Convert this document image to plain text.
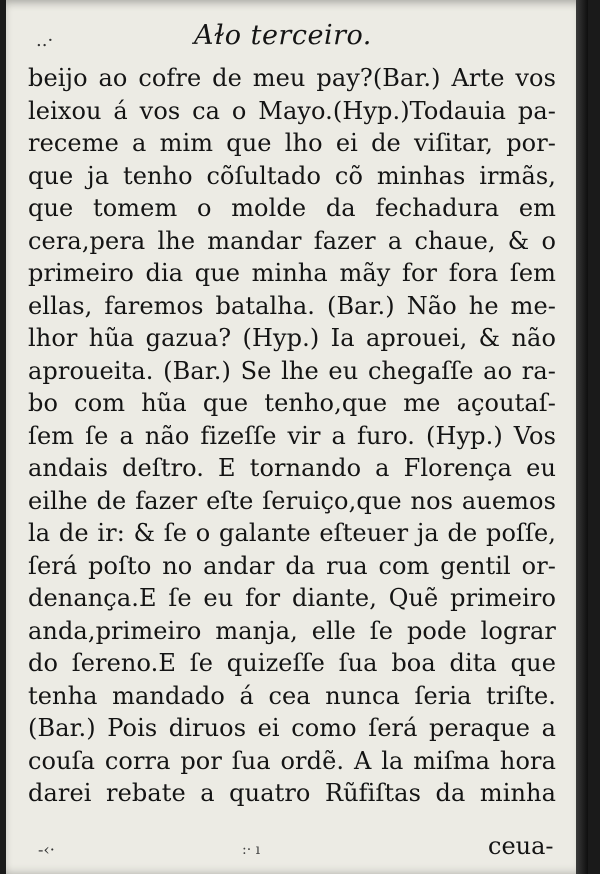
..·	Aɫo terceiro.
beijo ao cofre de meu pay?(Bar.) Arte vos
leixou á vos ca o Mayo.(Hyp.)Todauia pa-
receme a mim que lho ei de viſitar, por-
que ja tenho cõſultado cõ minhas irmãs,
que tomem o molde da fechadura em
cera,pera lhe mandar fazer a chaue, & o
primeiro dia que minha mãy for fora ſem
ellas, faremos batalha. (Bar.) Não he me-
lhor hũa gazua? (Hyp.) Ia aprouei, & não
aproueita. (Bar.) Se lhe eu chegaſſe ao ra-
bo com hũa que tenho,que me açoutaſ-
ſem ſe a não fizeſſe vir a furo. (Hyp.) Vos
andais deſtro. E tornando a Florença eu
eilhe de fazer eſte ſeruiço,que nos auemos
la de ir: & ſe o galante eſteuer ja de poſſe,
ſerá poſto no andar da rua com gentil or-
denança.E ſe eu for diante, Quẽ primeiro
anda,primeiro manja, elle ſe pode lograr
do ſereno.E ſe quizeſſe ſua boa dita que
tenha mandado á cea nunca ſeria triſte.
(Bar.) Pois diruos ei como ſerá peraque a
couſa corra por ſua ordẽ. A la miſma hora
darei rebate a quatro Rũfiſtas da minha
-‹·	:· ı	ceua-
